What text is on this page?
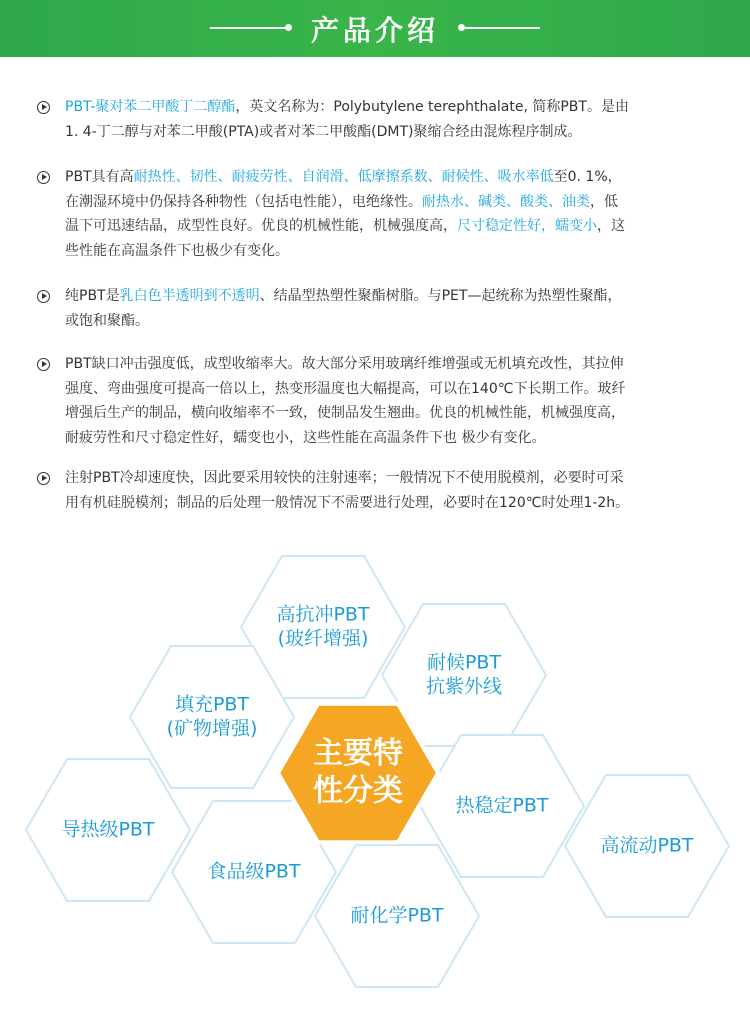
产品介绍
PBT-聚对苯二甲酸丁二醇酯，英文名称为：Polybutylene terephthalate, 简称PBT。是由
1. 4-丁二醇与对苯二甲酸(PTA)或者对苯二甲酸酯(DMT)聚缩合经由混炼程序制成。
PBT具有高耐热性、韧性、耐疲劳性、自润滑、低摩擦系数、耐候性、吸水率低至0. 1%，
在潮湿环境中仍保持各种物性（包括电性能），电绝缘性。耐热水、碱类、酸类、油类，低
温下可迅速结晶，成型性良好。优良的机械性能，机械强度高，尺寸稳定性好，蠕变小，这
些性能在高温条件下也极少有变化。
纯PBT是乳白色半透明到不透明、结晶型热塑性聚酯树脂。与PET—起统称为热塑性聚酯，
或饱和聚酯。
PBT缺口冲击强度低，成型收缩率大。故大部分采用玻璃纤维增强或无机填充改性，其拉伸
强度、弯曲强度可提高一倍以上，热变形温度也大幅提高，可以在140℃下长期工作。玻纤
增强后生产的制品，横向收缩率不一致，使制品发生翘曲。优良的机械性能，机械强度高，
耐疲劳性和尺寸稳定性好，蠕变也小，这些性能在高温条件下也 极少有变化。
注射PBT冷却速度快，因此要采用较快的注射速率；一般情况下不使用脱模剂，必要时可采
用有机硅脱模剂；制品的后处理一般情况下不需要进行处理，必要时在120℃时处理1-2h。
高抗冲PBT
(玻纤增强)
耐候PBT
抗紫外线
填充PBT
(矿物增强)
热稳定PBT
导热级PBT
食品级PBT
耐化学PBT
高流动PBT
主要特
性分类
